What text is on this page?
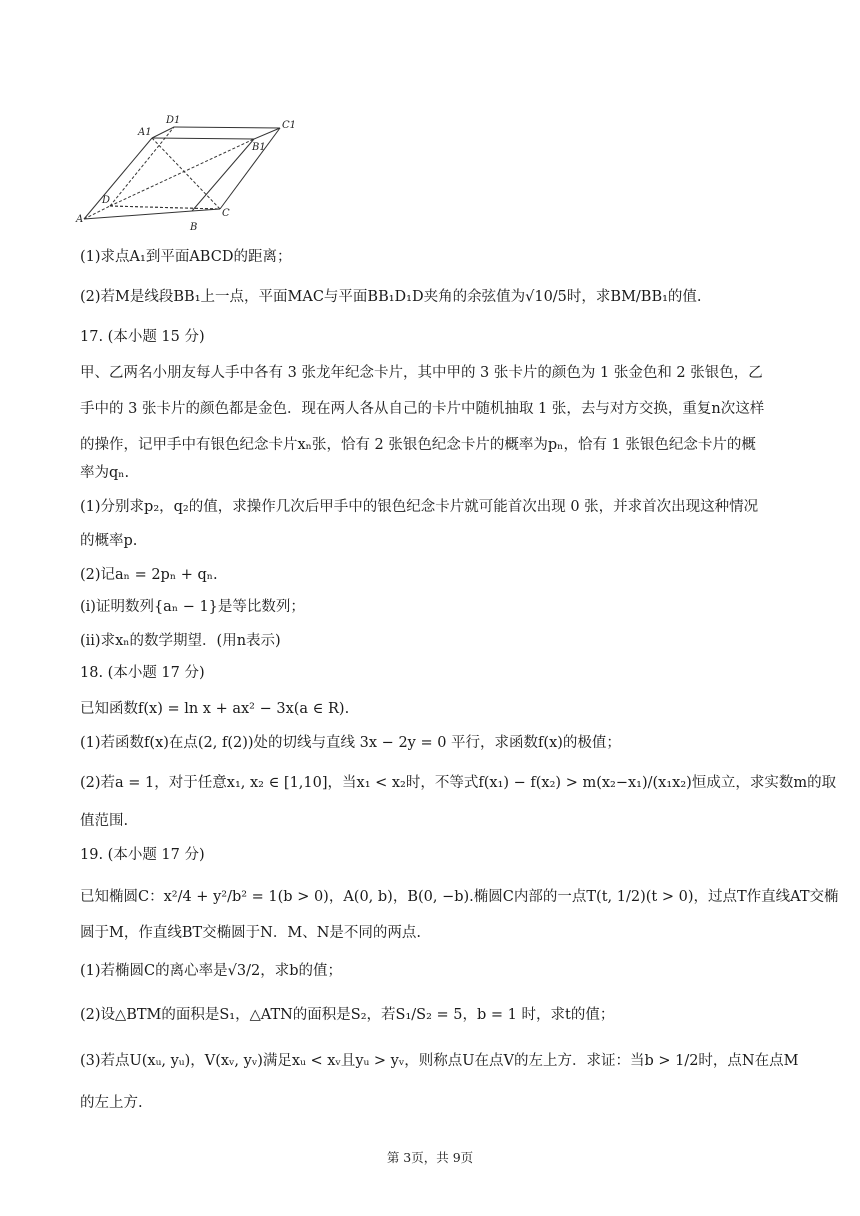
A
B
C
D
A1
B1
C1
D1
(1)求点A₁到平面ABCD的距离；
(2)若M是线段BB₁上一点，平面MAC与平面BB₁D₁D夹角的余弦值为√10/5时，求BM/BB₁的值.
17. (本小题 15 分)
甲、乙两名小朋友每人手中各有 3 张龙年纪念卡片，其中甲的 3 张卡片的颜色为 1 张金色和 2 张银色，乙
手中的 3 张卡片的颜色都是金色．现在两人各从自己的卡片中随机抽取 1 张，去与对方交换，重复n次这样
的操作，记甲手中有银色纪念卡片xₙ张，恰有 2 张银色纪念卡片的概率为pₙ，恰有 1 张银色纪念卡片的概
率为qₙ.
(1)分别求p₂，q₂的值，求操作几次后甲手中的银色纪念卡片就可能首次出现 0 张，并求首次出现这种情况
的概率p.
(2)记aₙ = 2pₙ + qₙ.
(i)证明数列{aₙ − 1}是等比数列；
(ii)求xₙ的数学期望．(用n表示)
18. (本小题 17 分)
已知函数f(x) = ln x + ax² − 3x(a ∈ R).
(1)若函数f(x)在点(2, f(2))处的切线与直线 3x − 2y = 0 平行，求函数f(x)的极值；
(2)若a = 1，对于任意x₁, x₂ ∈ [1,10]，当x₁ < x₂时，不等式f(x₁) − f(x₂) > m(x₂−x₁)/(x₁x₂)恒成立，求实数m的取
值范围.
19. (本小题 17 分)
已知椭圆C：x²/4 + y²/b² = 1(b > 0)，A(0, b)，B(0, −b).椭圆C内部的一点T(t, 1/2)(t > 0)，过点T作直线AT交椭
圆于M，作直线BT交椭圆于N．M、N是不同的两点.
(1)若椭圆C的离心率是√3/2，求b的值；
(2)设△BTM的面积是S₁，△ATN的面积是S₂，若S₁/S₂ = 5，b = 1 时，求t的值；
(3)若点U(xᵤ, yᵤ)，V(xᵥ, yᵥ)满足xᵤ < xᵥ且yᵤ > yᵥ，则称点U在点V的左上方．求证：当b > 1/2时，点N在点M
的左上方.
第 3页，共 9页
